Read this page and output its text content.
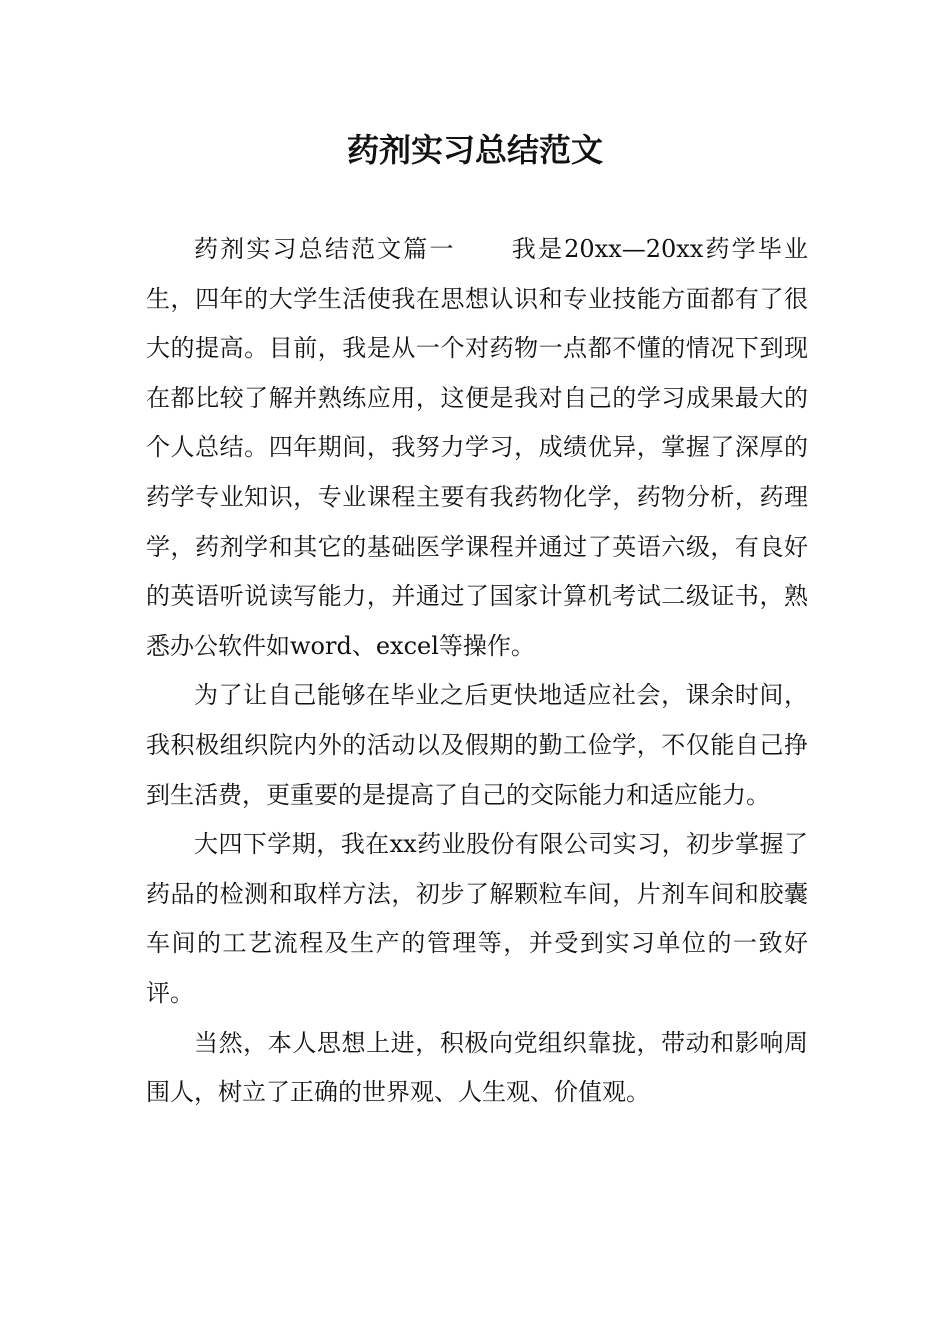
药剂实习总结范文

药剂实习总结范文篇一 我是20xx—20xx药学毕业生，四年的大学生活使我在思想认识和专业技能方面都有了很大的提高。目前，我是从一个对药物一点都不懂的情况下到现在都比较了解并熟练应用，这便是我对自己的学习成果最大的个人总结。四年期间，我努力学习，成绩优异，掌握了深厚的药学专业知识，专业课程主要有我药物化学，药物分析，药理学，药剂学和其它的基础医学课程并通过了英语六级，有良好的英语听说读写能力，并通过了国家计算机考试二级证书，熟悉办公软件如word、excel等操作。

为了让自己能够在毕业之后更快地适应社会，课余时间，我积极组织院内外的活动以及假期的勤工俭学，不仅能自己挣到生活费，更重要的是提高了自己的交际能力和适应能力。

大四下学期，我在xx药业股份有限公司实习，初步掌握了药品的检测和取样方法，初步了解颗粒车间，片剂车间和胶囊车间的工艺流程及生产的管理等，并受到实习单位的一致好评。

当然，本人思想上进，积极向党组织靠拢，带动和影响周围人，树立了正确的世界观、人生观、价值观。
